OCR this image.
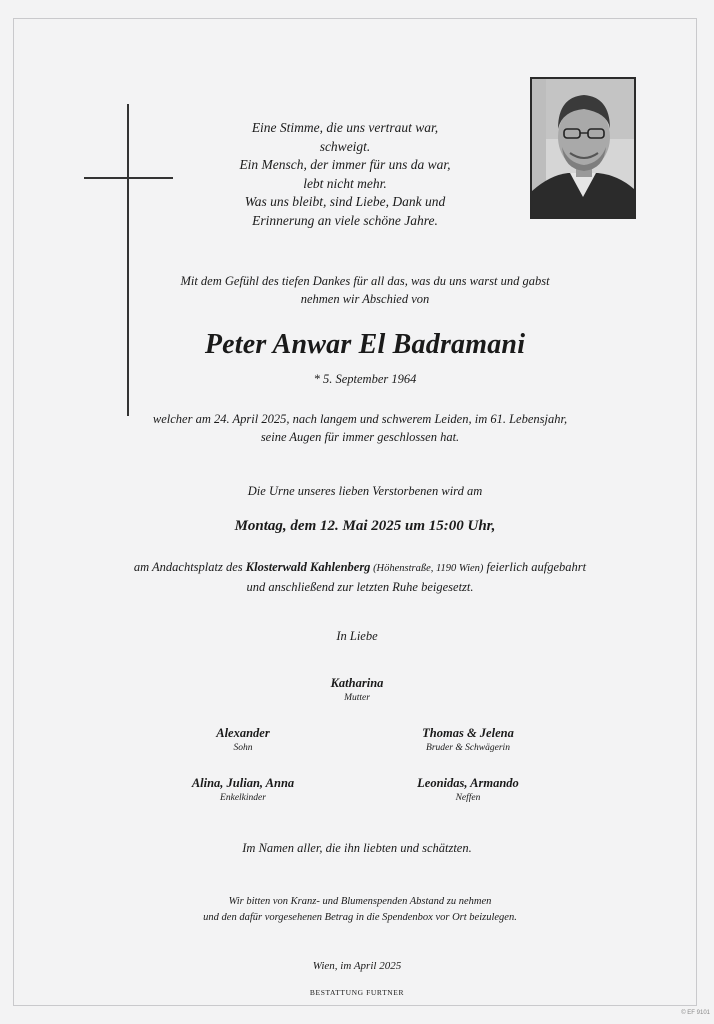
Eine Stimme, die uns vertraut war,
schweigt.
Ein Mensch, der immer für uns da war,
lebt nicht mehr.
Was uns bleibt, sind Liebe, Dank und
Erinnerung an viele schöne Jahre.
Mit dem Gefühl des tiefen Dankes für all das, was du uns warst und gabst
nehmen wir Abschied von
Peter Anwar El Badramani
* 5. September 1964
welcher am 24. April 2025, nach langem und schwerem Leiden, im 61. Lebensjahr,
seine Augen für immer geschlossen hat.
Die Urne unseres lieben Verstorbenen wird am
Montag, dem 12. Mai 2025 um 15:00 Uhr,
am Andachtsplatz des Klosterwald Kahlenberg (Höhenstraße, 1190 Wien) feierlich aufgebahrt
und anschließend zur letzten Ruhe beigesetzt.
In Liebe
Katharina
Mutter
Alexander
Sohn
Thomas & Jelena
Bruder & Schwägerin
Alina, Julian, Anna
Enkelkinder
Leonidas, Armando
Neffen
Im Namen aller, die ihn liebten und schätzten.
Wir bitten von Kranz- und Blumenspenden Abstand zu nehmen
und den dafür vorgesehenen Betrag in die Spendenbox vor Ort beizulegen.
Wien, im April 2025
BESTATTUNG FURTNER
© EF 9101
